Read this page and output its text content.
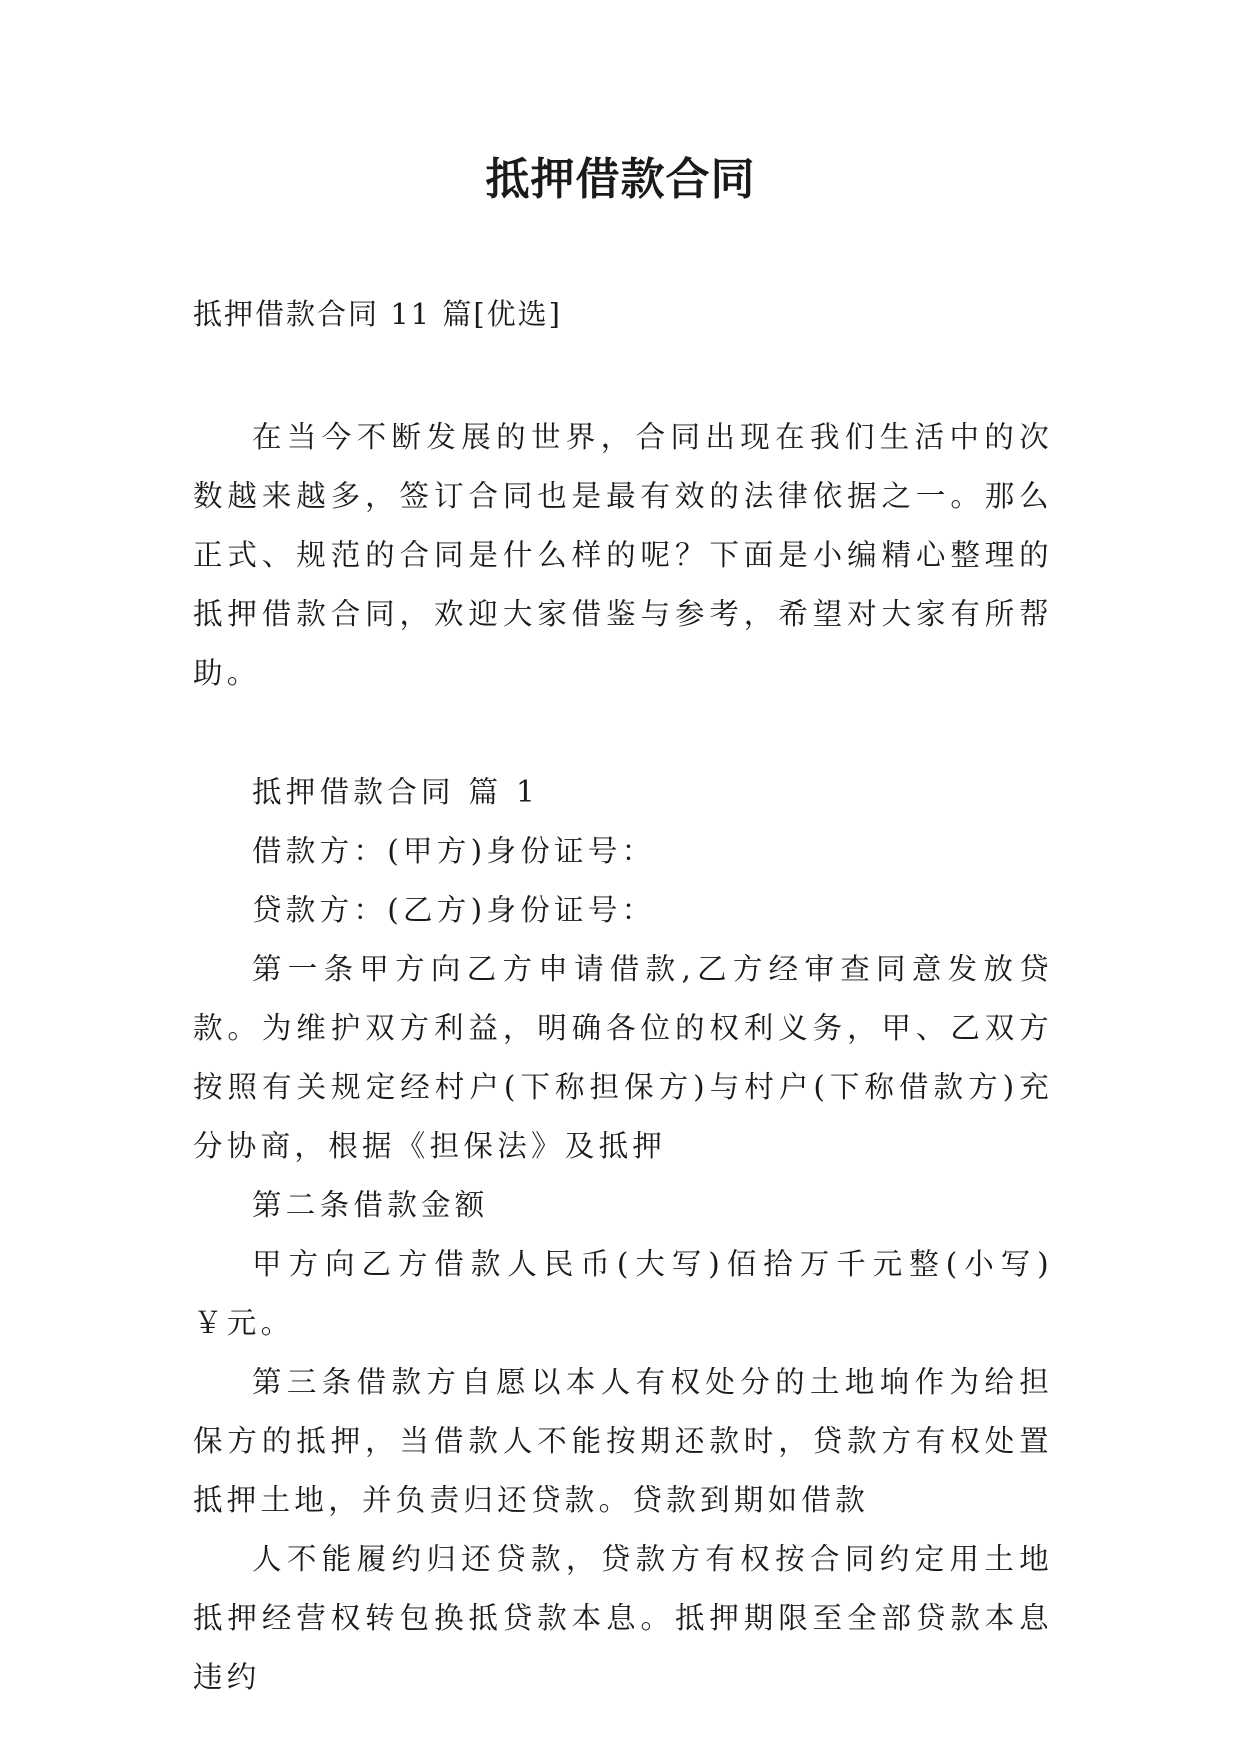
抵押借款合同
抵押借款合同 11 篇[优选]

在当今不断发展的世界，合同出现在我们生活中的次数越来越多，签订合同也是最有效的法律依据之一。那么正式、规范的合同是什么样的呢？下面是小编精心整理的抵押借款合同，欢迎大家借鉴与参考，希望对大家有所帮助。

抵押借款合同 篇 1

借款方：(甲方)身份证号：

贷款方：(乙方)身份证号：

第一条甲方向乙方申请借款,乙方经审查同意发放贷款。为维护双方利益，明确各位的权利义务，甲、乙双方按照有关规定经村户(下称担保方)与村户(下称借款方)充分协商，根据《担保法》及抵押

第二条借款金额

甲方向乙方借款人民币(大写)佰拾万千元整(小写)￥元。

第三条借款方自愿以本人有权处分的土地垧作为给担保方的抵押，当借款人不能按期还款时，贷款方有权处置抵押土地，并负责归还贷款。贷款到期如借款

人不能履约归还贷款，贷款方有权按合同约定用土地抵押经营权转包换抵贷款本息。抵押期限至全部贷款本息违约
